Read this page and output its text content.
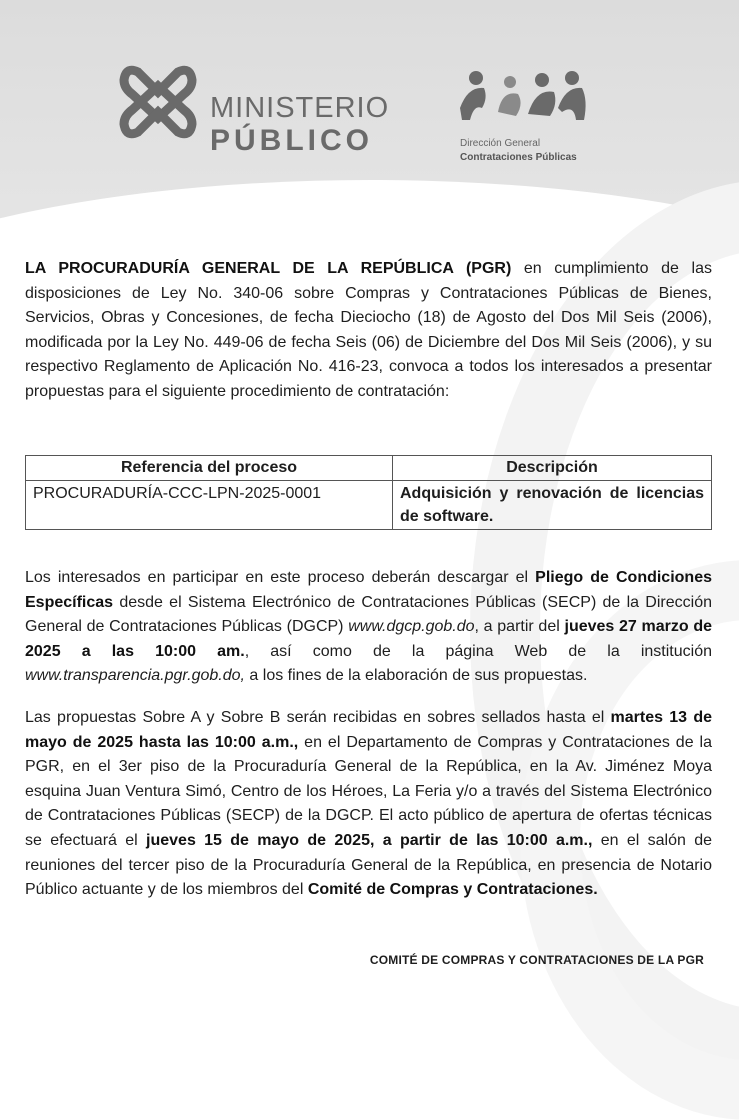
MINISTERIO
PÚBLICO	Dirección General
Contrataciones Públicas
LA PROCURADURÍA GENERAL DE LA REPÚBLICA (PGR) en cumplimiento de las disposiciones de Ley No. 340-06 sobre Compras y Contrataciones Públicas de Bienes, Servicios, Obras y Concesiones, de fecha Dieciocho (18) de Agosto del Dos Mil Seis (2006), modificada por la Ley No. 449-06 de fecha Seis (06) de Diciembre del Dos Mil Seis (2006), y su respectivo Reglamento de Aplicación No. 416-23, convoca a todos los interesados a presentar propuestas para el siguiente procedimiento de contratación:
Referencia del proceso	Descripción
PROCURADURÍA-CCC-LPN-2025-0001	Adquisición y renovación de licencias de software.
Los interesados en participar en este proceso deberán descargar el Pliego de Condiciones Específicas desde el Sistema Electrónico de Contrataciones Públicas (SECP) de la Dirección General de Contrataciones Públicas (DGCP) www.dgcp.gob.do, a partir del jueves 27 marzo de 2025 a las 10:00 am., así como de la página Web de la institución www.transparencia.pgr.gob.do, a los fines de la elaboración de sus propuestas.
Las propuestas Sobre A y Sobre B serán recibidas en sobres sellados hasta el martes 13 de mayo de 2025 hasta las 10:00 a.m., en el Departamento de Compras y Contrataciones de la PGR, en el 3er piso de la Procuraduría General de la República, en la Av. Jiménez Moya esquina Juan Ventura Simó, Centro de los Héroes, La Feria y/o a través del Sistema Electrónico de Contrataciones Públicas (SECP) de la DGCP. El acto público de apertura de ofertas técnicas se efectuará el jueves 15 de mayo de 2025, a partir de las 10:00 a.m., en el salón de reuniones del tercer piso de la Procuraduría General de la República, en presencia de Notario Público actuante y de los miembros del Comité de Compras y Contrataciones.
COMITÉ DE COMPRAS Y CONTRATACIONES DE LA PGR
